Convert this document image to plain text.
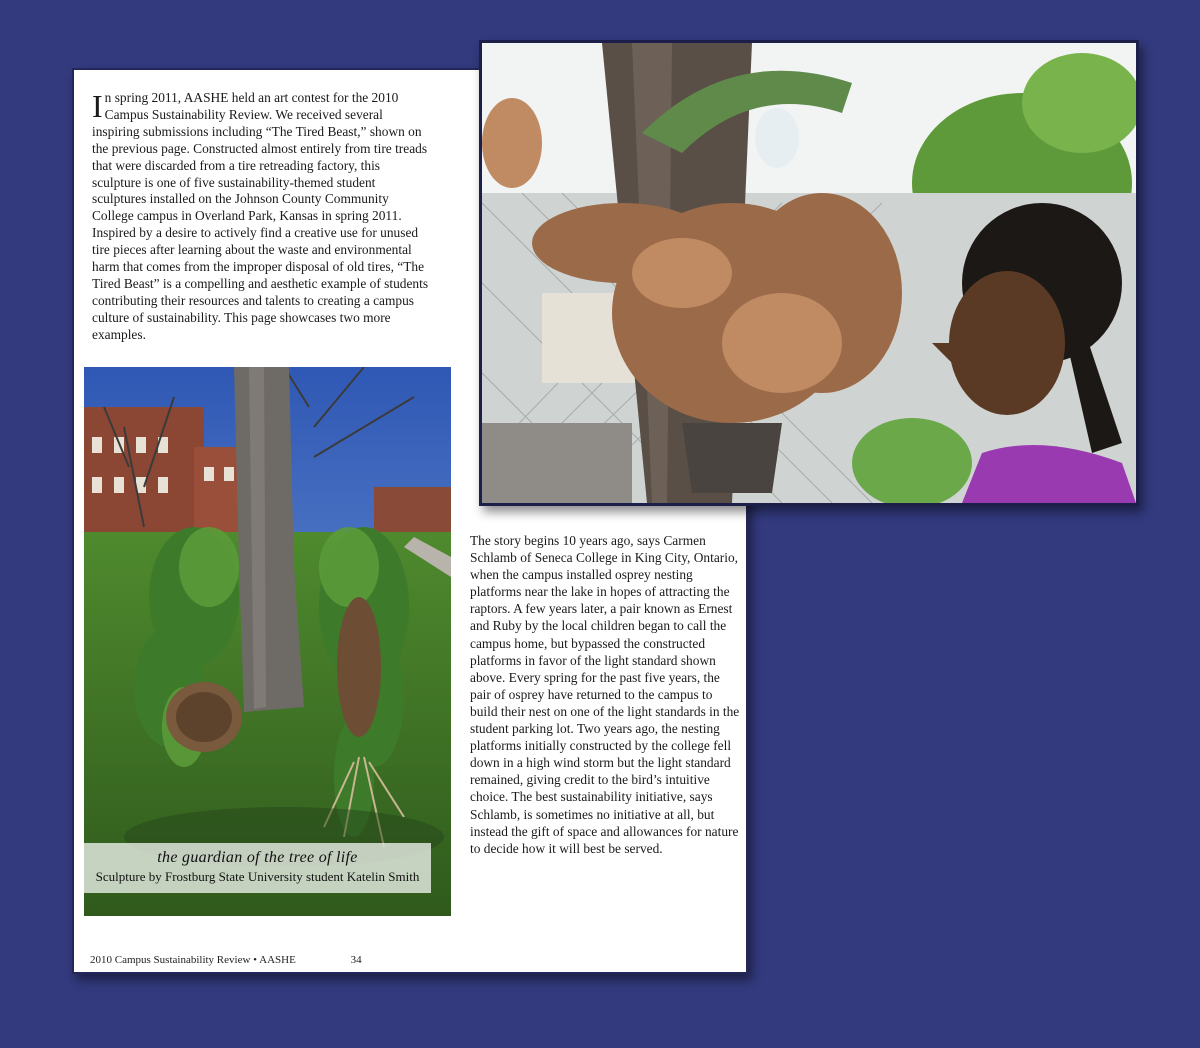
In spring 2011, AASHE held an art contest for the 2010 Campus Sustainability Review. We received several inspiring submissions including “The Tired Beast,” shown on the previous page. Constructed almost entirely from tire treads that were discarded from a tire retreading factory, this sculpture is one of five sustainability-themed student sculptures installed on the Johnson County Community College campus in Overland Park, Kansas in spring 2011. Inspired by a desire to actively find a creative use for unused tire pieces after learning about the waste and environmental harm that comes from the improper disposal of old tires, “The Tired Beast” is a compelling and aesthetic example of students contributing their resources and talents to creating a campus culture of sustainability. This page showcases two more examples.

the guardian of the tree of life
Sculpture by Frostburg State University student Katelin Smith

The story begins 10 years ago, says Carmen Schlamb of Seneca College in King City, Ontario, when the campus installed osprey nesting platforms near the lake in hopes of attracting the raptors. A few years later, a pair known as Ernest and Ruby by the local children began to call the campus home, but bypassed the constructed platforms in favor of the light standard shown above. Every spring for the past five years, the pair of osprey have returned to the campus to build their nest on one of the light standards in the student parking lot. Two years ago, the nesting platforms initially constructed by the college fell down in a high wind storm but the light standard remained, giving credit to the bird’s intuitive choice. The best sustainability initiative, says Schlamb, is sometimes no initiative at all, but instead the gift of space and allowances for nature to decide how it will best be served.

2010 Campus Sustainability Review • AASHE	34
